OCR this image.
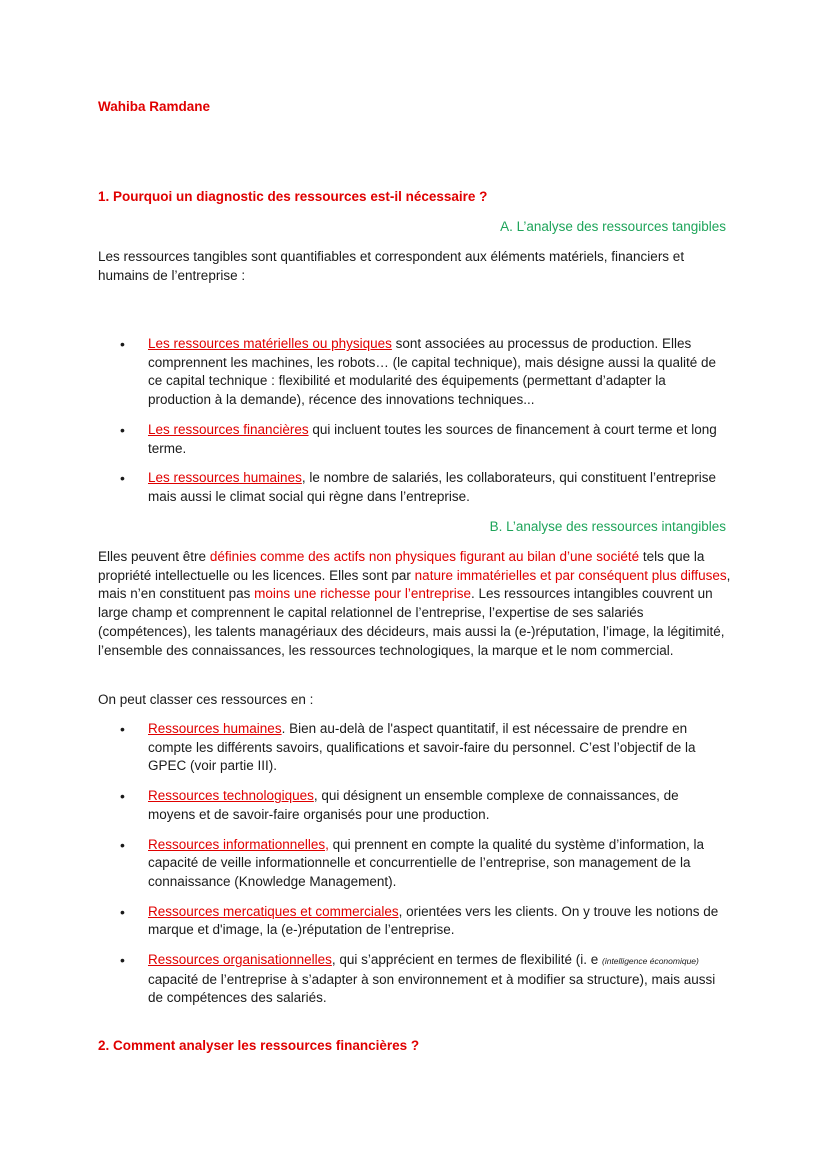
Wahiba Ramdane
1. Pourquoi un diagnostic des ressources est-il nécessaire ?
A. L’analyse des ressources tangibles
Les ressources tangibles sont quantifiables et correspondent aux éléments matériels, financiers et humains de l’entreprise :
• Les ressources matérielles ou physiques sont associées au processus de production. Elles comprennent les machines, les robots… (le capital technique), mais désigne aussi la qualité de ce capital technique : flexibilité et modularité des équipements (permettant d’adapter la production à la demande), récence des innovations techniques...
• Les ressources financières qui incluent toutes les sources de financement à court terme et long terme.
• Les ressources humaines, le nombre de salariés, les collaborateurs, qui constituent l’entreprise mais aussi le climat social qui règne dans l’entreprise.
B. L’analyse des ressources intangibles
Elles peuvent être définies comme des actifs non physiques figurant au bilan d’une société tels que la propriété intellectuelle ou les licences. Elles sont par nature immatérielles et par conséquent plus diffuses, mais n’en constituent pas moins une richesse pour l’entreprise. Les ressources intangibles couvrent un large champ et comprennent le capital relationnel de l’entreprise, l’expertise de ses salariés (compétences), les talents managériaux des décideurs, mais aussi la (e-)réputation, l’image, la légitimité, l’ensemble des connaissances, les ressources technologiques, la marque et le nom commercial.
On peut classer ces ressources en :
• Ressources humaines. Bien au-delà de l'aspect quantitatif, il est nécessaire de prendre en compte les différents savoirs, qualifications et savoir-faire du personnel. C’est l’objectif de la GPEC (voir partie III).
• Ressources technologiques, qui désignent un ensemble complexe de connaissances, de moyens et de savoir-faire organisés pour une production.
• Ressources informationnelles, qui prennent en compte la qualité du système d’information, la capacité de veille informationnelle et concurrentielle de l’entreprise, son management de la connaissance (Knowledge Management).
• Ressources mercatiques et commerciales, orientées vers les clients. On y trouve les notions de marque et d'image, la (e-)réputation de l’entreprise.
• Ressources organisationnelles, qui s’apprécient en termes de flexibilité (i. e (intelligence économique) capacité de l’entreprise à s’adapter à son environnement et à modifier sa structure), mais aussi de compétences des salariés.
2. Comment analyser les ressources financières ?
